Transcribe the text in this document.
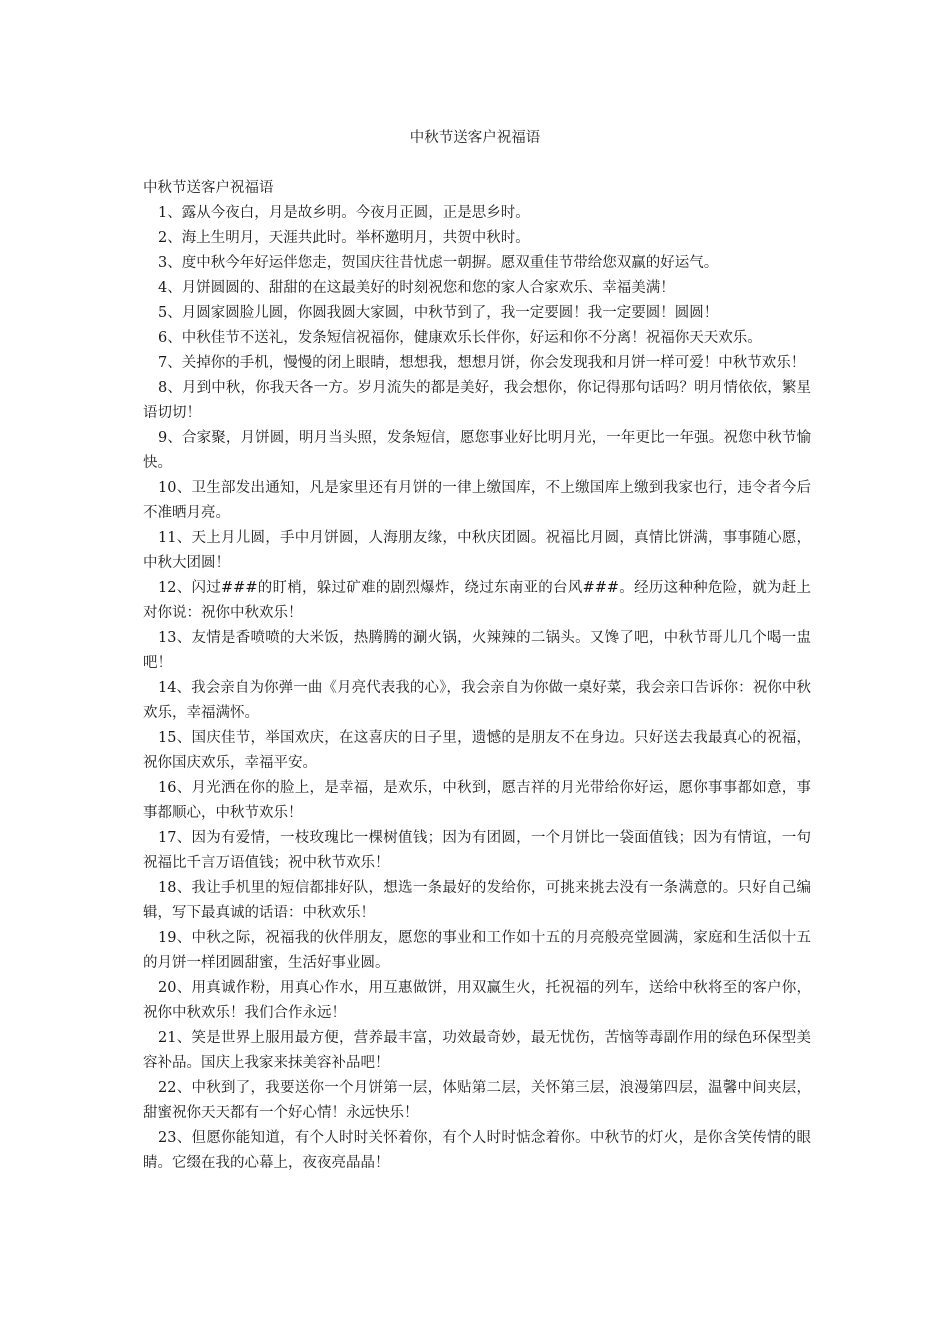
中秋节送客户祝福语

中秋节送客户祝福语

1、露从今夜白，月是故乡明。今夜月正圆，正是思乡时。
2、海上生明月，天涯共此时。举杯邀明月，共贺中秋时。
3、度中秋今年好运伴您走，贺国庆往昔忧虑一朝摒。愿双重佳节带给您双赢的好运气。
4、月饼圆圆的、甜甜的在这最美好的时刻祝您和您的家人合家欢乐、幸福美满！
5、月圆家圆脸儿圆，你圆我圆大家圆，中秋节到了，我一定要圆！我一定要圆！圆圆！
6、中秋佳节不送礼，发条短信祝福你，健康欢乐长伴你，好运和你不分离！祝福你天天欢乐。
7、关掉你的手机，慢慢的闭上眼睛，想想我，想想月饼，你会发现我和月饼一样可爱！中秋节欢乐！
8、月到中秋，你我天各一方。岁月流失的都是美好，我会想你，你记得那句话吗？明月情依依，繁星语切切！
9、合家聚，月饼圆，明月当头照，发条短信，愿您事业好比明月光，一年更比一年强。祝您中秋节愉快。
10、卫生部发出通知，凡是家里还有月饼的一律上缴国库，不上缴国库上缴到我家也行，违令者今后不准晒月亮。
11、天上月儿圆，手中月饼圆，人海朋友缘，中秋庆团圆。祝福比月圆，真情比饼满，事事随心愿，中秋大团圆！
12、闪过###的盯梢，躲过矿难的剧烈爆炸，绕过东南亚的台风###。经历这种种危险，就为赶上对你说：祝你中秋欢乐！
13、友情是香喷喷的大米饭，热腾腾的涮火锅，火辣辣的二锅头。又馋了吧，中秋节哥儿几个喝一盅吧！
14、我会亲自为你弹一曲《月亮代表我的心》，我会亲自为你做一桌好菜，我会亲口告诉你：祝你中秋欢乐，幸福满怀。
15、国庆佳节，举国欢庆，在这喜庆的日子里，遗憾的是朋友不在身边。只好送去我最真心的祝福，祝你国庆欢乐，幸福平安。
16、月光洒在你的脸上，是幸福，是欢乐，中秋到，愿吉祥的月光带给你好运，愿你事事都如意，事事都顺心，中秋节欢乐！
17、因为有爱情，一枝玫瑰比一棵树值钱；因为有团圆，一个月饼比一袋面值钱；因为有情谊，一句祝福比千言万语值钱；祝中秋节欢乐！
18、我让手机里的短信都排好队，想选一条最好的发给你，可挑来挑去没有一条满意的。只好自己编辑，写下最真诚的话语：中秋欢乐！
19、中秋之际，祝福我的伙伴朋友，愿您的事业和工作如十五的月亮般亮堂圆满，家庭和生活似十五的月饼一样团圆甜蜜，生活好事业圆。
20、用真诚作粉，用真心作水，用互惠做饼，用双赢生火，托祝福的列车，送给中秋将至的客户你，祝你中秋欢乐！我们合作永远！
21、笑是世界上服用最方便，营养最丰富，功效最奇妙，最无忧伤，苦恼等毒副作用的绿色环保型美容补品。国庆上我家来抹美容补品吧！
22、中秋到了，我要送你一个月饼第一层，体贴第二层，关怀第三层，浪漫第四层，温馨中间夹层，甜蜜祝你天天都有一个好心情！永远快乐！
23、但愿你能知道，有个人时时关怀着你，有个人时时惦念着你。中秋节的灯火，是你含笑传情的眼睛。它缀在我的心幕上，夜夜亮晶晶！
